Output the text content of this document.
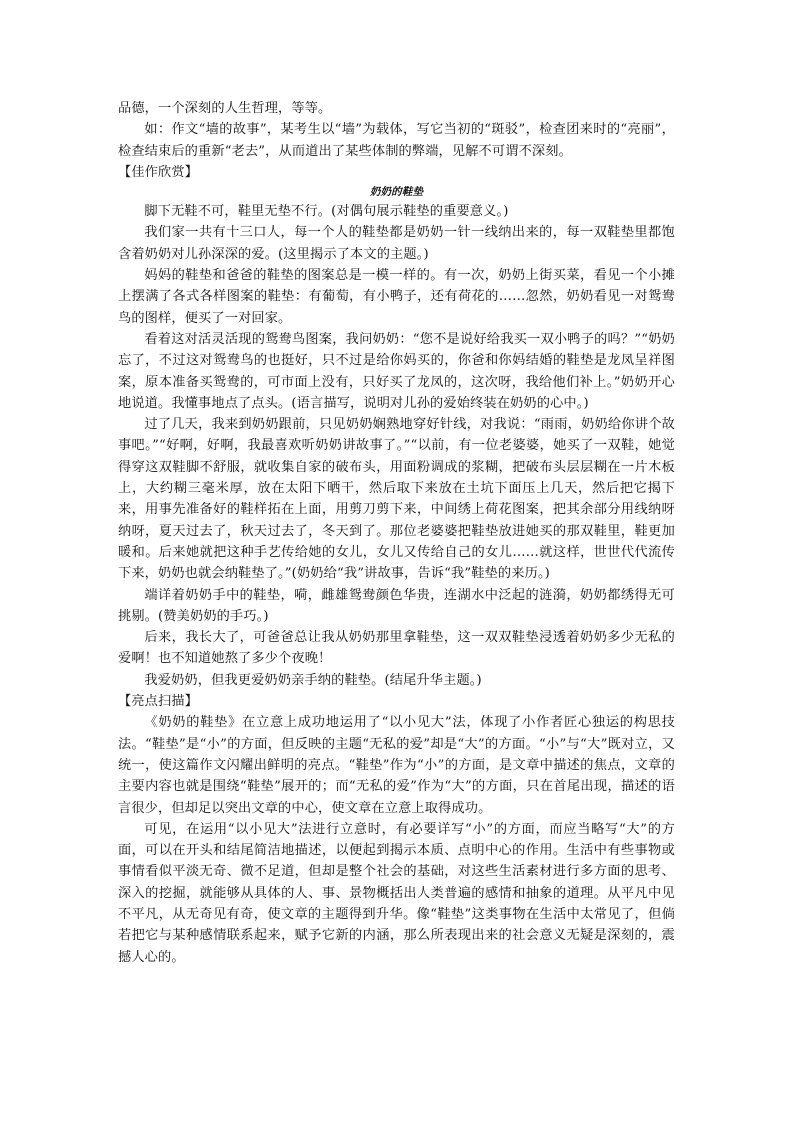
品德，一个深刻的人生哲理，等等。

如：作文“墙的故事”，某考生以“墙”为载体，写它当初的“斑驳”，检查团来时的“亮丽”，检查结束后的重新“老去”，从而道出了某些体制的弊端，见解不可谓不深刻。

【佳作欣赏】

奶奶的鞋垫

脚下无鞋不可，鞋里无垫不行。(对偶句展示鞋垫的重要意义。)

我们家一共有十三口人，每一个人的鞋垫都是奶奶一针一线纳出来的，每一双鞋垫里都饱含着奶奶对儿孙深深的爱。(这里揭示了本文的主题。)

妈妈的鞋垫和爸爸的鞋垫的图案总是一模一样的。有一次，奶奶上街买菜，看见一个小摊上摆满了各式各样图案的鞋垫：有葡萄，有小鸭子，还有荷花的……忽然，奶奶看见一对鸳鸯鸟的图样，便买了一对回家。

看着这对活灵活现的鸳鸯鸟图案，我问奶奶：“您不是说好给我买一双小鸭子的吗？”“奶奶忘了，不过这对鸳鸯鸟的也挺好，只不过是给你妈买的，你爸和你妈结婚的鞋垫是龙凤呈祥图案，原本准备买鸳鸯的，可市面上没有，只好买了龙凤的，这次呀，我给他们补上。”奶奶开心地说道。我懂事地点了点头。(语言描写，说明对儿孙的爱始终装在奶奶的心中。)

过了几天，我来到奶奶跟前，只见奶奶娴熟地穿好针线，对我说：“雨雨，奶奶给你讲个故事吧。”“好啊，好啊，我最喜欢听奶奶讲故事了。”“以前，有一位老婆婆，她买了一双鞋，她觉得穿这双鞋脚不舒服，就收集自家的破布头，用面粉调成的浆糊，把破布头层层糊在一片木板上，大约糊三毫米厚，放在太阳下晒干，然后取下来放在土坑下面压上几天，然后把它揭下来，用事先准备好的鞋样拓在上面，用剪刀剪下来，中间绣上荷花图案，把其余部分用线纳呀纳呀，夏天过去了，秋天过去了，冬天到了。那位老婆婆把鞋垫放进她买的那双鞋里，鞋更加暖和。后来她就把这种手艺传给她的女儿，女儿又传给自己的女儿……就这样，世世代代流传下来，奶奶也就会纳鞋垫了。”(奶奶给“我”讲故事，告诉“我”鞋垫的来历。)

端详着奶奶手中的鞋垫，嗬，雌雄鸳鸯颜色华贵，连湖水中泛起的涟漪，奶奶都绣得无可挑剔。(赞美奶奶的手巧。)

后来，我长大了，可爸爸总让我从奶奶那里拿鞋垫，这一双双鞋垫浸透着奶奶多少无私的爱啊！也不知道她熬了多少个夜晚！

我爱奶奶，但我更爱奶奶亲手纳的鞋垫。(结尾升华主题。)

【亮点扫描】

《奶奶的鞋垫》在立意上成功地运用了“以小见大”法，体现了小作者匠心独运的构思技法。“鞋垫”是“小”的方面，但反映的主题“无私的爱”却是“大”的方面。“小”与“大”既对立，又统一，使这篇作文闪耀出鲜明的亮点。“鞋垫”作为“小”的方面，是文章中描述的焦点，文章的主要内容也就是围绕“鞋垫”展开的；而“无私的爱”作为“大”的方面，只在首尾出现，描述的语言很少，但却足以突出文章的中心，使文章在立意上取得成功。

可见，在运用“以小见大”法进行立意时，有必要详写“小”的方面，而应当略写“大”的方面，可以在开头和结尾简洁地描述，以便起到揭示本质、点明中心的作用。生活中有些事物或事情看似平淡无奇、微不足道，但却是整个社会的基础，对这些生活素材进行多方面的思考、深入的挖掘，就能够从具体的人、事、景物概括出人类普遍的感情和抽象的道理。从平凡中见不平凡，从无奇见有奇，使文章的主题得到升华。像“鞋垫”这类事物在生活中太常见了，但倘若把它与某种感情联系起来，赋予它新的内涵，那么所表现出来的社会意义无疑是深刻的，震撼人心的。
